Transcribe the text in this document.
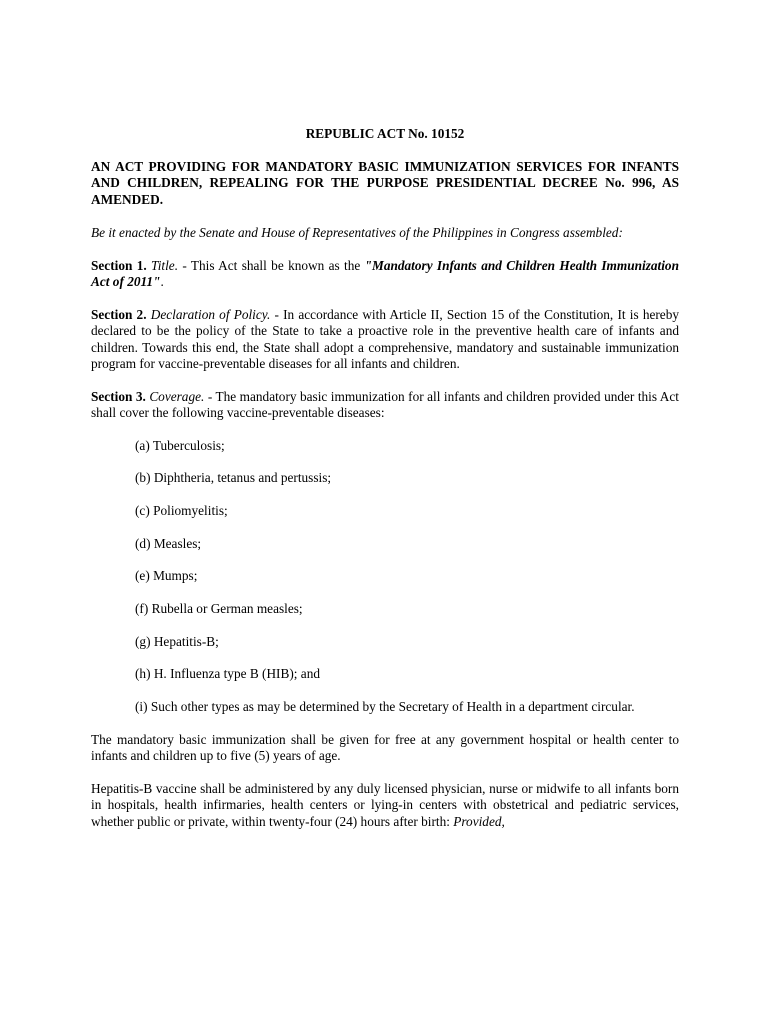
REPUBLIC ACT No. 10152

AN ACT PROVIDING FOR MANDATORY BASIC IMMUNIZATION SERVICES FOR INFANTS AND CHILDREN, REPEALING FOR THE PURPOSE PRESIDENTIAL DECREE No. 996, AS AMENDED.

Be it enacted by the Senate and House of Representatives of the Philippines in Congress assembled:

Section 1. Title. - This Act shall be known as the "Mandatory Infants and Children Health Immunization Act of 2011".

Section 2. Declaration of Policy. - In accordance with Article II, Section 15 of the Constitution, It is hereby declared to be the policy of the State to take a proactive role in the preventive health care of infants and children. Towards this end, the State shall adopt a comprehensive, mandatory and sustainable immunization program for vaccine-preventable diseases for all infants and children.

Section 3. Coverage. - The mandatory basic immunization for all infants and children provided under this Act shall cover the following vaccine-preventable diseases:

(a) Tuberculosis;

(b) Diphtheria, tetanus and pertussis;

(c) Poliomyelitis;

(d) Measles;

(e) Mumps;

(f) Rubella or German measles;

(g) Hepatitis-B;

(h) H. Influenza type B (HIB); and

(i) Such other types as may be determined by the Secretary of Health in a department circular.

The mandatory basic immunization shall be given for free at any government hospital or health center to infants and children up to five (5) years of age.

Hepatitis-B vaccine shall be administered by any duly licensed physician, nurse or midwife to all infants born in hospitals, health infirmaries, health centers or lying-in centers with obstetrical and pediatric services, whether public or private, within twenty-four (24) hours after birth: Provided,
